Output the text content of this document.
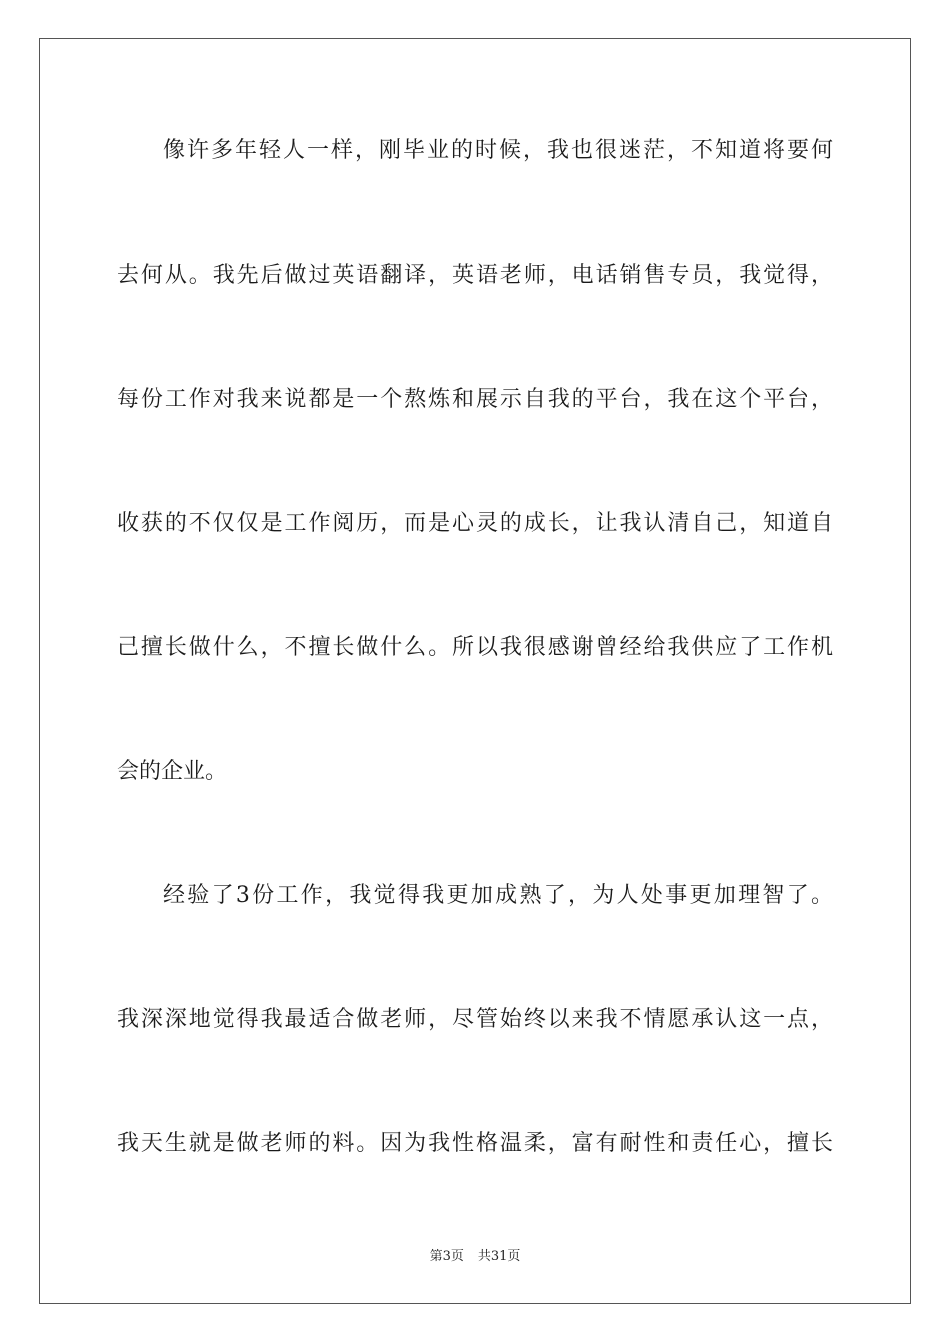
像许多年轻人一样，刚毕业的时候，我也很迷茫，不知道将要何
去何从。我先后做过英语翻译，英语老师，电话销售专员，我觉得，
每份工作对我来说都是一个熬炼和展示自我的平台，我在这个平台，
收获的不仅仅是工作阅历，而是心灵的成长，让我认清自己，知道自
己擅长做什么，不擅长做什么。所以我很感谢曾经给我供应了工作机
会的企业。
经验了3份工作，我觉得我更加成熟了，为人处事更加理智了。
我深深地觉得我最适合做老师，尽管始终以来我不情愿承认这一点，
我天生就是做老师的料。因为我性格温柔，富有耐性和责任心，擅长
第3页 共31页
